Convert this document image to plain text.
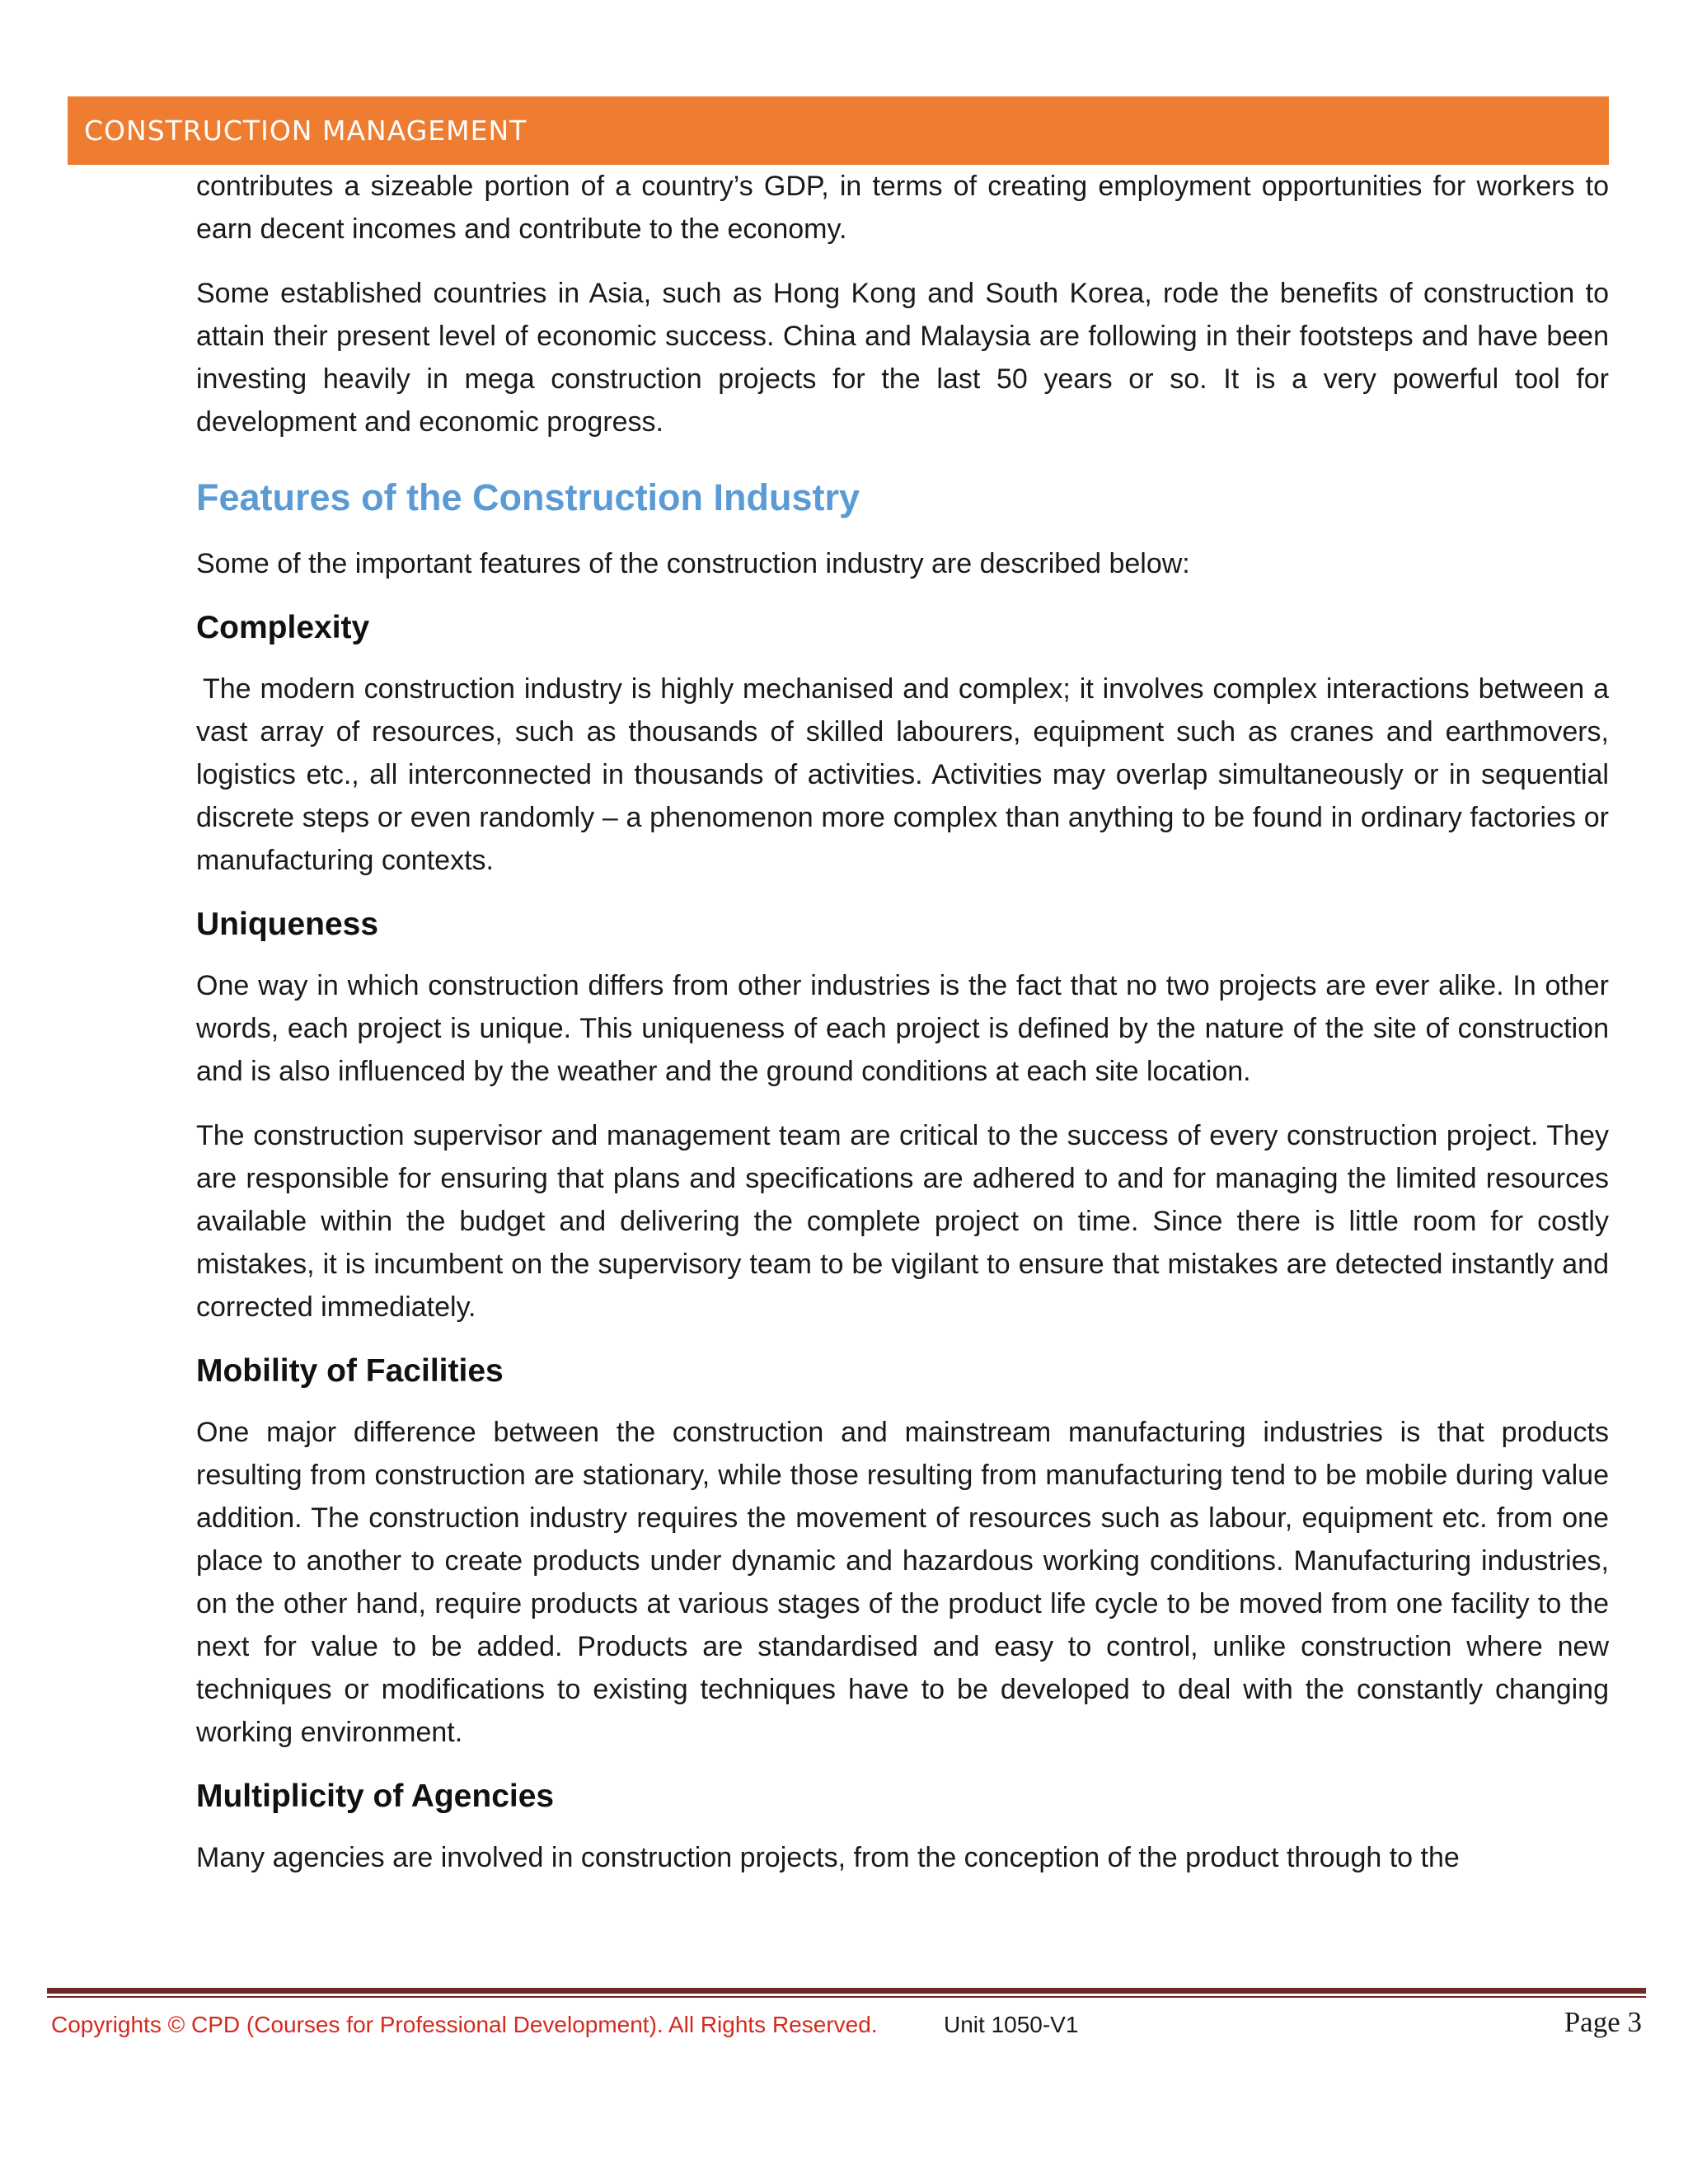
CONSTRUCTION MANAGEMENT

contributes a sizeable portion of a country’s GDP, in terms of creating employment opportunities for workers to earn decent incomes and contribute to the economy.

Some established countries in Asia, such as Hong Kong and South Korea, rode the benefits of construction to attain their present level of economic success. China and Malaysia are following in their footsteps and have been investing heavily in mega construction projects for the last 50 years or so. It is a very powerful tool for development and economic progress.

Features of the Construction Industry

Some of the important features of the construction industry are described below:

Complexity

The modern construction industry is highly mechanised and complex; it involves complex interactions between a vast array of resources, such as thousands of skilled labourers, equipment such as cranes and earthmovers, logistics etc., all interconnected in thousands of activities. Activities may overlap simultaneously or in sequential discrete steps or even randomly – a phenomenon more complex than anything to be found in ordinary factories or manufacturing contexts.

Uniqueness

One way in which construction differs from other industries is the fact that no two projects are ever alike. In other words, each project is unique. This uniqueness of each project is defined by the nature of the site of construction and is also influenced by the weather and the ground conditions at each site location.

The construction supervisor and management team are critical to the success of every construction project. They are responsible for ensuring that plans and specifications are adhered to and for managing the limited resources available within the budget and delivering the complete project on time. Since there is little room for costly mistakes, it is incumbent on the supervisory team to be vigilant to ensure that mistakes are detected instantly and corrected immediately.

Mobility of Facilities

One major difference between the construction and mainstream manufacturing industries is that products resulting from construction are stationary, while those resulting from manufacturing tend to be mobile during value addition. The construction industry requires the movement of resources such as labour, equipment etc. from one place to another to create products under dynamic and hazardous working conditions. Manufacturing industries, on the other hand, require products at various stages of the product life cycle to be moved from one facility to the next for value to be added. Products are standardised and easy to control, unlike construction where new techniques or modifications to existing techniques have to be developed to deal with the constantly changing working environment.

Multiplicity of Agencies

Many agencies are involved in construction projects, from the conception of the product through to the

Copyrights © CPD (Courses for Professional Development). All Rights Reserved.	Unit 1050-V1	Page 3
